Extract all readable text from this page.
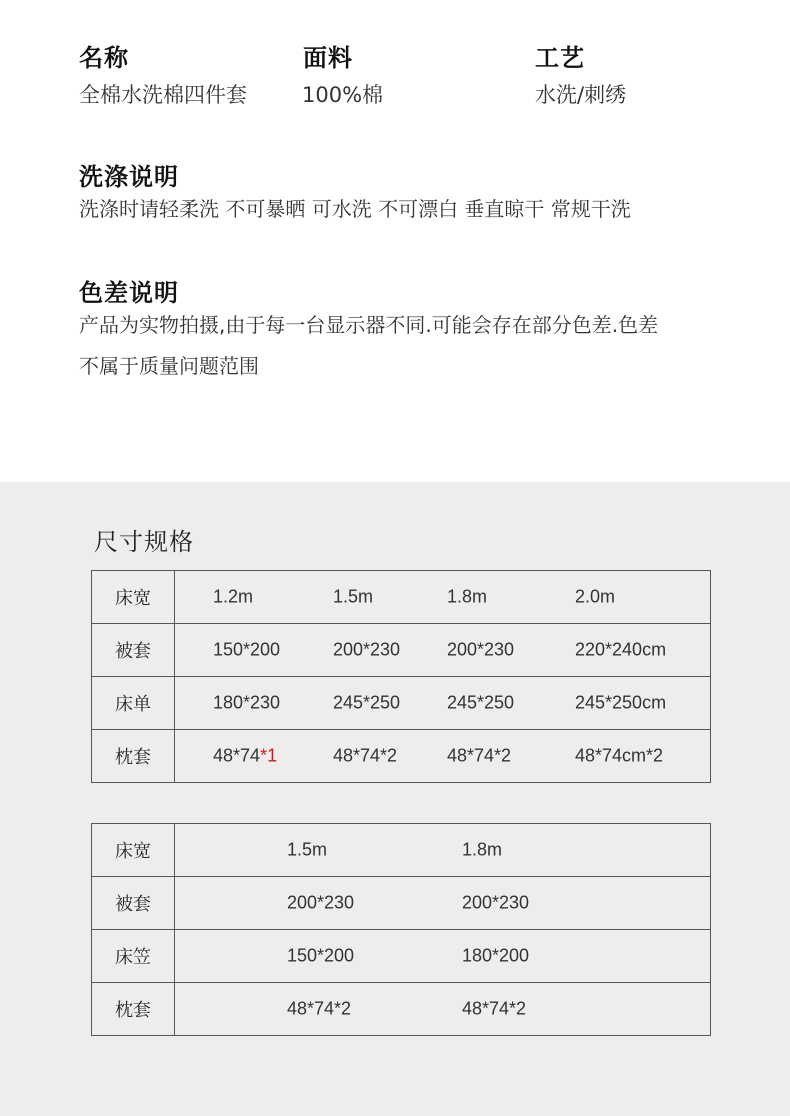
名称
全棉水洗棉四件套
面料
100%棉
工艺
水洗/刺绣
洗涤说明
洗涤时请轻柔洗 不可暴晒 可水洗 不可漂白 垂直晾干 常规干洗
色差说明
产品为实物拍摄,由于每一台显示器不同.可能会存在部分色差.色差
不属于质量问题范围
尺寸规格
床宽	1.2m 1.5m 1.8m 2.0m

被套	150*200 200*230 200*230 220*240cm

床单	180*230 245*250 245*250 245*250cm

枕套	48*74*1 48*74*2 48*74*2 48*74cm*2
床宽	1.5m 1.8m

被套	200*230 200*230

床笠	150*200 180*200

枕套	48*74*2 48*74*2
